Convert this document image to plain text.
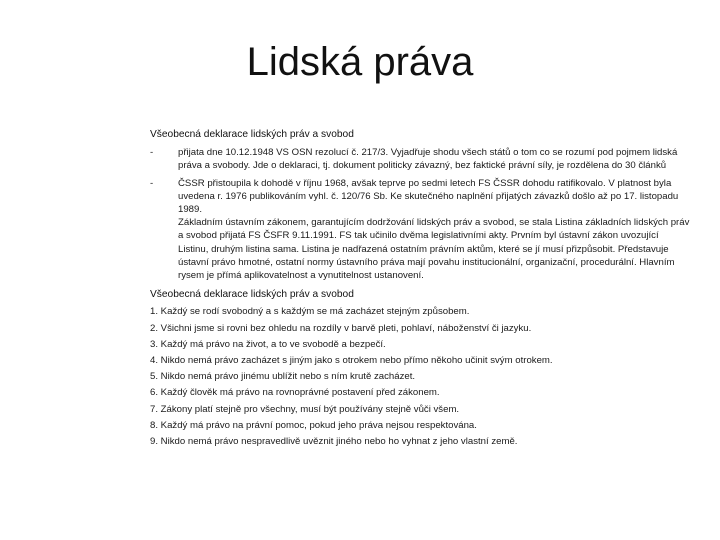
Lidská práva
Všeobecná deklarace lidských práv a svobod
-	přijata dne 10.12.1948 VS OSN rezolucí č. 217/3. Vyjadřuje shodu všech států o tom co se rozumí pod pojmem lidská práva a svobody. Jde o deklaraci, tj. dokument politicky závazný, bez faktické právní síly, je rozdělena do 30 článků
-	ČSSR přistoupila k dohodě v říjnu 1968, avšak teprve po sedmi letech FS ČSSR dohodu ratifikovalo. V platnost byla uvedena r. 1976 publikováním vyhl. č. 120/76 Sb. Ke skutečného naplnění přijatých závazků došlo až po 17. listopadu 1989.
Základním ústavním zákonem, garantujícím dodržování lidských práv a svobod, se stala Listina základních lidských práv a svobod přijatá FS ČSFR 9.11.1991. FS tak učinilo dvěma legislativními akty. Prvním byl ústavní zákon uvozující Listinu, druhým listina sama. Listina je nadřazená ostatním právním aktům, které se jí musí přizpůsobit. Představuje ústavní právo hmotné, ostatní normy ústavního práva mají povahu institucionální, organizační, procedurální. Hlavním rysem je přímá aplikovatelnost a vynutitelnost ustanovení.
Všeobecná deklarace lidských práv a svobod
1. Každý se rodí svobodný a s každým se má zacházet stejným způsobem.
2. Všichni jsme si rovni bez ohledu na rozdíly v barvě pleti, pohlaví, náboženství či jazyku.
3. Každý má právo na život, a to ve svobodě a bezpečí.
4. Nikdo nemá právo zacházet s jiným jako s otrokem nebo přímo někoho učinit svým otrokem.
5. Nikdo nemá právo jinému ublížit nebo s ním krutě zacházet.
6. Každý člověk má právo na rovnoprávné postavení před zákonem.
7. Zákony platí stejně pro všechny, musí být používány stejně vůči všem.
8. Každý má právo na právní pomoc, pokud jeho práva nejsou respektována.
9. Nikdo nemá právo nespravedlivě uvěznit jiného nebo ho vyhnat z jeho vlastní země.
